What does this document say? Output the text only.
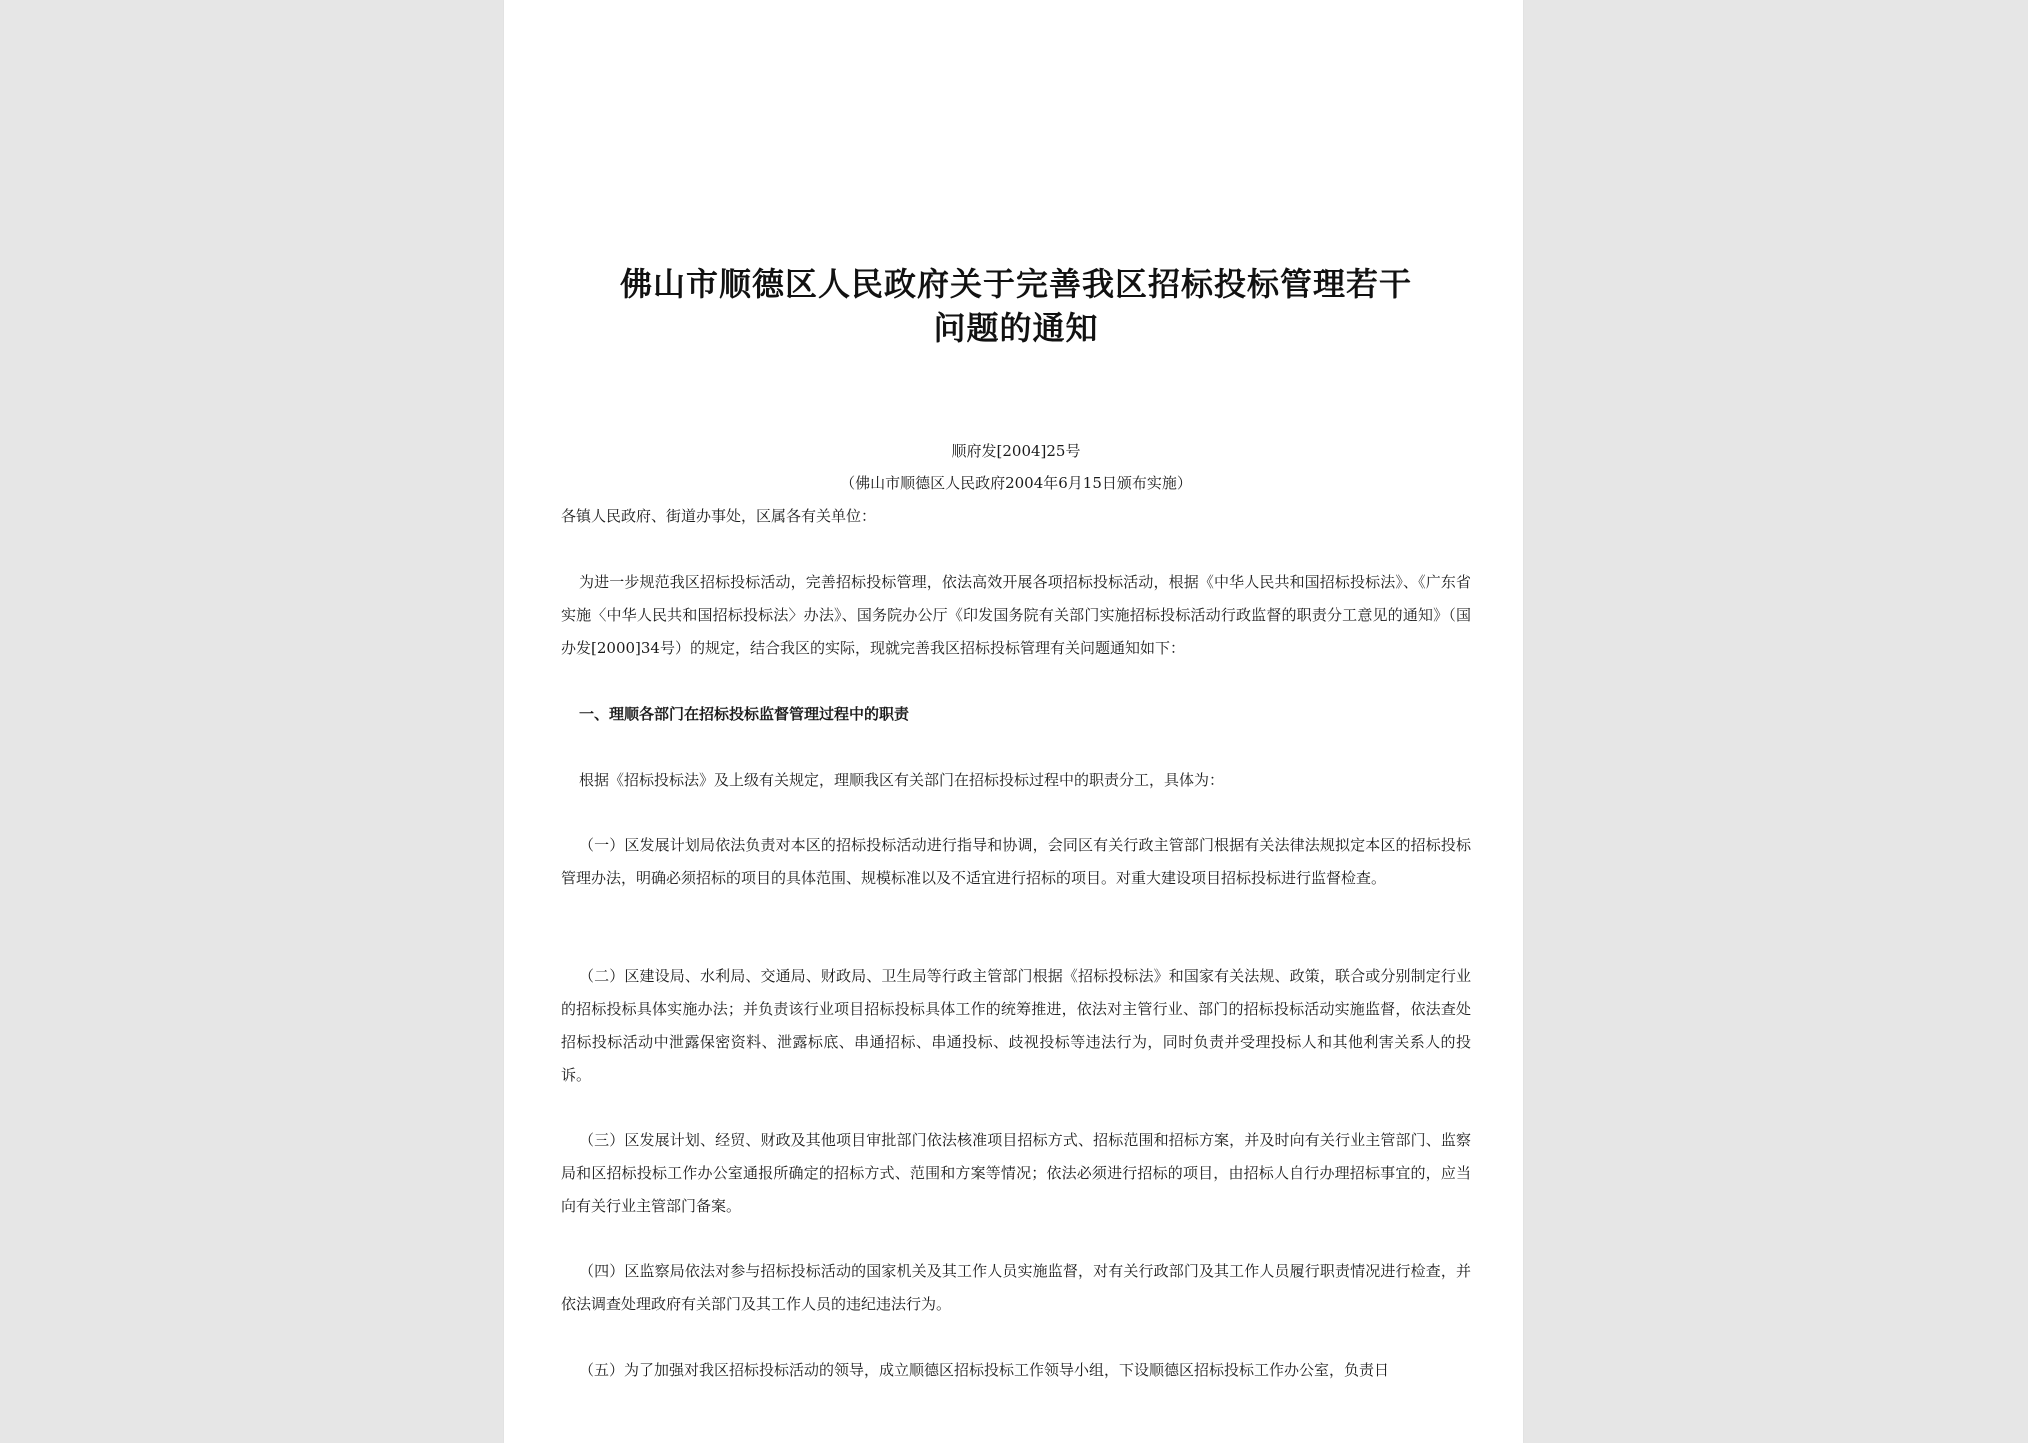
佛山市顺德区人民政府关于完善我区招标投标管理若干
问题的通知
顺府发[2004]25号
（佛山市顺德区人民政府2004年6月15日颁布实施）
各镇人民政府、街道办事处，区属各有关单位：
为进一步规范我区招标投标活动，完善招标投标管理，依法高效开展各项招标投标活动，根据《中华人民共和国招标投标法》、《广东省实施〈中华人民共和国招标投标法〉办法》、国务院办公厅《印发国务院有关部门实施招标投标活动行政监督的职责分工意见的通知》（国办发[2000]34号）的规定，结合我区的实际，现就完善我区招标投标管理有关问题通知如下：
一、理顺各部门在招标投标监督管理过程中的职责
根据《招标投标法》及上级有关规定，理顺我区有关部门在招标投标过程中的职责分工，具体为：
（一）区发展计划局依法负责对本区的招标投标活动进行指导和协调，会同区有关行政主管部门根据有关法律法规拟定本区的招标投标管理办法，明确必须招标的项目的具体范围、规模标准以及不适宜进行招标的项目。对重大建设项目招标投标进行监督检查。
（二）区建设局、水利局、交通局、财政局、卫生局等行政主管部门根据《招标投标法》和国家有关法规、政策，联合或分别制定行业的招标投标具体实施办法；并负责该行业项目招标投标具体工作的统筹推进，依法对主管行业、部门的招标投标活动实施监督，依法查处招标投标活动中泄露保密资料、泄露标底、串通招标、串通投标、歧视投标等违法行为，同时负责并受理投标人和其他利害关系人的投诉。
（三）区发展计划、经贸、财政及其他项目审批部门依法核准项目招标方式、招标范围和招标方案，并及时向有关行业主管部门、监察局和区招标投标工作办公室通报所确定的招标方式、范围和方案等情况；依法必须进行招标的项目，由招标人自行办理招标事宜的，应当向有关行业主管部门备案。
（四）区监察局依法对参与招标投标活动的国家机关及其工作人员实施监督，对有关行政部门及其工作人员履行职责情况进行检查，并依法调查处理政府有关部门及其工作人员的违纪违法行为。
（五）为了加强对我区招标投标活动的领导，成立顺德区招标投标工作领导小组，下设顺德区招标投标工作办公室，负责日
